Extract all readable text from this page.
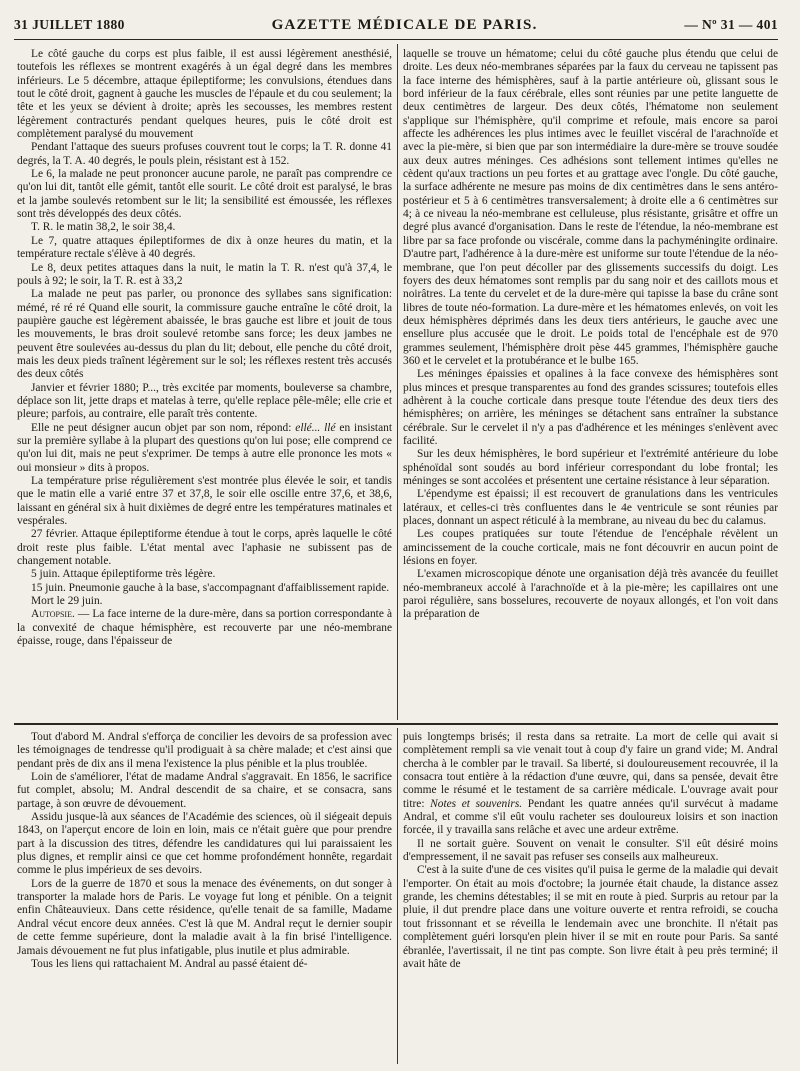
31 JUILLET 1880	GAZETTE MÉDICALE DE PARIS.	— Nº 31 — 401

Le côté gauche du corps est plus faible, il est aussi légèrement anesthésié, toutefois les réflexes se montrent exagérés à un égal degré dans les membres inférieurs. Le 5 décembre, attaque épileptiforme; les convulsions, étendues dans tout le côté droit, gagnent à gauche les muscles de l'épaule et du cou seulement; la tête et les yeux se dévient à droite; après les secousses, les membres restent légèrement contracturés pendant quelques heures, puis le côté droit est complètement paralysé du mouvement

Pendant l'attaque des sueurs profuses couvrent tout le corps; la T. R. donne 41 degrés, la T. A. 40 degrés, le pouls plein, résistant est à 152.

Le 6, la malade ne peut prononcer aucune parole, ne paraît pas comprendre ce qu'on lui dit, tantôt elle gémit, tantôt elle sourit. Le côté droit est paralysé, le bras et la jambe soulevés retombent sur le lit; la sensibilité est émoussée, les réflexes sont très développés des deux côtés.

T. R. le matin 38,2, le soir 38,4.

Le 7, quatre attaques épileptiformes de dix à onze heures du matin, et la température rectale s'élève à 40 degrés.

Le 8, deux petites attaques dans la nuit, le matin la T. R. n'est qu'à 37,4, le pouls à 92; le soir, la T. R. est à 33,2

La malade ne peut pas parler, ou prononce des syllabes sans signification: mémé, ré ré ré Quand elle sourit, la commissure gauche entraîne le côté droit, la paupière gauche est légèrement abaissée, le bras gauche est libre et jouit de tous les mouvements, le bras droit soulevé retombe sans force; les deux jambes ne peuvent être soulevées au-dessus du plan du lit; debout, elle penche du côté droit, mais les deux pieds traînent légèrement sur le sol; les réflexes restent très accusés des deux côtés

Janvier et février 1880; P..., très excitée par moments, bouleverse sa chambre, déplace son lit, jette draps et matelas à terre, qu'elle replace pêle-mêle; elle crie et pleure; parfois, au contraire, elle paraît très contente.

Elle ne peut désigner aucun objet par son nom, répond: ellé... llé en insistant sur la première syllabe à la plupart des questions qu'on lui pose; elle comprend ce qu'on lui dit, mais ne peut s'exprimer. De temps à autre elle prononce les mots « oui monsieur » dits à propos.

La température prise régulièrement s'est montrée plus élevée le soir, et tandis que le matin elle a varié entre 37 et 37,8, le soir elle oscille entre 37,6, et 38,6, laissant en général six à huit dixièmes de degré entre les températures matinales et vespérales.

27 février. Attaque épileptiforme étendue à tout le corps, après laquelle le côté droit reste plus faible. L'état mental avec l'aphasie ne subissent pas de changement notable.

5 juin. Attaque épileptiforme très légère.

15 juin. Pneumonie gauche à la base, s'accompagnant d'affaiblissement rapide.

Mort le 29 juin.

Autopsie. — La face interne de la dure-mère, dans sa portion correspondante à la convexité de chaque hémisphère, est recouverte par une néo-membrane épaisse, rouge, dans l'épaisseur de

laquelle se trouve un hématome; celui du côté gauche plus étendu que celui de droite. Les deux néo-membranes séparées par la faux du cerveau ne tapissent pas la face interne des hémisphères, sauf à la partie antérieure où, glissant sous le bord inférieur de la faux cérébrale, elles sont réunies par une petite languette de deux centimètres de largeur. Des deux côtés, l'hématome non seulement s'applique sur l'hémisphère, qu'il comprime et refoule, mais encore sa paroi affecte les adhérences les plus intimes avec le feuillet viscéral de l'arachnoïde et avec la pie-mère, si bien que par son intermédiaire la dure-mère se trouve soudée aux deux autres méninges. Ces adhésions sont tellement intimes qu'elles ne cèdent qu'aux tractions un peu fortes et au grattage avec l'ongle. Du côté gauche, la surface adhérente ne mesure pas moins de dix centimètres dans le sens antéro-postérieur et 5 à 6 centimètres transversalement; à droite elle a 6 centimètres sur 4; à ce niveau la néo-membrane est celluleuse, plus résistante, grisâtre et offre un degré plus avancé d'organisation. Dans le reste de l'étendue, la néo-membrane est libre par sa face profonde ou viscérale, comme dans la pachyméningite ordinaire. D'autre part, l'adhérence à la dure-mère est uniforme sur toute l'étendue de la néo-membrane, que l'on peut décoller par des glissements successifs du doigt. Les foyers des deux hématomes sont remplis par du sang noir et des caillots mous et noirâtres. La tente du cervelet et de la dure-mère qui tapisse la base du crâne sont libres de toute néo-formation. La dure-mère et les hématomes enlevés, on voit les deux hémisphères déprimés dans les deux tiers antérieurs, le gauche avec une ensellure plus accusée que le droit. Le poids total de l'encéphale est de 970 grammes seulement, l'hémisphère droit pèse 445 grammes, l'hémisphère gauche 360 et le cervelet et la protubérance et le bulbe 165.

Les méninges épaissies et opalines à la face convexe des hémisphères sont plus minces et presque transparentes au fond des grandes scissures; toutefois elles adhèrent à la couche corticale dans presque toute l'étendue des deux tiers des hémisphères; on arrière, les méninges se détachent sans entraîner la substance cérébrale. Sur le cervelet il n'y a pas d'adhérence et les méninges s'enlèvent avec facilité.

Sur les deux hémisphères, le bord supérieur et l'extrémité antérieure du lobe sphénoïdal sont soudés au bord inférieur correspondant du lobe frontal; les méninges se sont accolées et présentent une certaine résistance à leur séparation.

L'épendyme est épaissi; il est recouvert de granulations dans les ventricules latéraux, et celles-ci très confluentes dans le 4e ventricule se sont réunies par places, donnant un aspect réticulé à la membrane, au niveau du bec du calamus.

Les coupes pratiquées sur toute l'étendue de l'encéphale révèlent un amincissement de la couche corticale, mais ne font découvrir en aucun point de lésions en foyer.

L'examen microscopique dénote une organisation déjà très avancée du feuillet néo-membraneux accolé à l'arachnoïde et à la pie-mère; les capillaires ont une paroi régulière, sans bosselures, recouverte de noyaux allongés, et l'on voit dans la préparation de

Tout d'abord M. Andral s'efforça de concilier les devoirs de sa profession avec les témoignages de tendresse qu'il prodiguait à sa chère malade; et c'est ainsi que pendant près de dix ans il mena l'existence la plus pénible et la plus troublée.

Loin de s'améliorer, l'état de madame Andral s'aggravait. En 1856, le sacrifice fut complet, absolu; M. Andral descendit de sa chaire, et se consacra, sans partage, à son œuvre de dévouement.

Assidu jusque-là aux séances de l'Académie des sciences, où il siégeait depuis 1843, on l'aperçut encore de loin en loin, mais ce n'était guère que pour prendre part à la discussion des titres, défendre les candidatures qui lui paraissaient les plus dignes, et remplir ainsi ce que cet homme profondément honnête, regardait comme le plus impérieux de ses devoirs.

Lors de la guerre de 1870 et sous la menace des événements, on dut songer à transporter la malade hors de Paris. Le voyage fut long et pénible. On a teignit enfin Châteauvieux. Dans cette résidence, qu'elle tenait de sa famille, Madame Andral vécut encore deux années. C'est là que M. Andral reçut le dernier soupir de cette femme supérieure, dont la maladie avait à la fin brisé l'intelligence. Jamais dévouement ne fut plus infatigable, plus inutile et plus admirable.

Tous les liens qui rattachaient M. Andral au passé étaient dé-

puis longtemps brisés; il resta dans sa retraite. La mort de celle qui avait si complètement rempli sa vie venait tout à coup d'y faire un grand vide; M. Andral chercha à le combler par le travail. Sa liberté, si douloureusement recouvrée, il la consacra tout entière à la rédaction d'une œuvre, qui, dans sa pensée, devait être comme le résumé et le testament de sa carrière médicale. L'ouvrage avait pour titre: Notes et souvenirs. Pendant les quatre années qu'il survécut à madame Andral, et comme s'il eût voulu racheter ses douloureux loisirs et son inaction forcée, il y travailla sans relâche et avec une ardeur extrême.

Il ne sortait guère. Souvent on venait le consulter. S'il eût désiré moins d'empressement, il ne savait pas refuser ses conseils aux malheureux.

C'est à la suite d'une de ces visites qu'il puisa le germe de la maladie qui devait l'emporter. On était au mois d'octobre; la journée était chaude, la distance assez grande, les chemins détestables; il se mit en route à pied. Surpris au retour par la pluie, il dut prendre place dans une voiture ouverte et rentra refroidi, se coucha tout frissonnant et se réveilla le lendemain avec une bronchite. Il n'était pas complètement guéri lorsqu'en plein hiver il se mit en route pour Paris. Sa santé ébranlée, l'avertissait, il ne tint pas compte. Son livre était à peu près terminé; il avait hâte de
